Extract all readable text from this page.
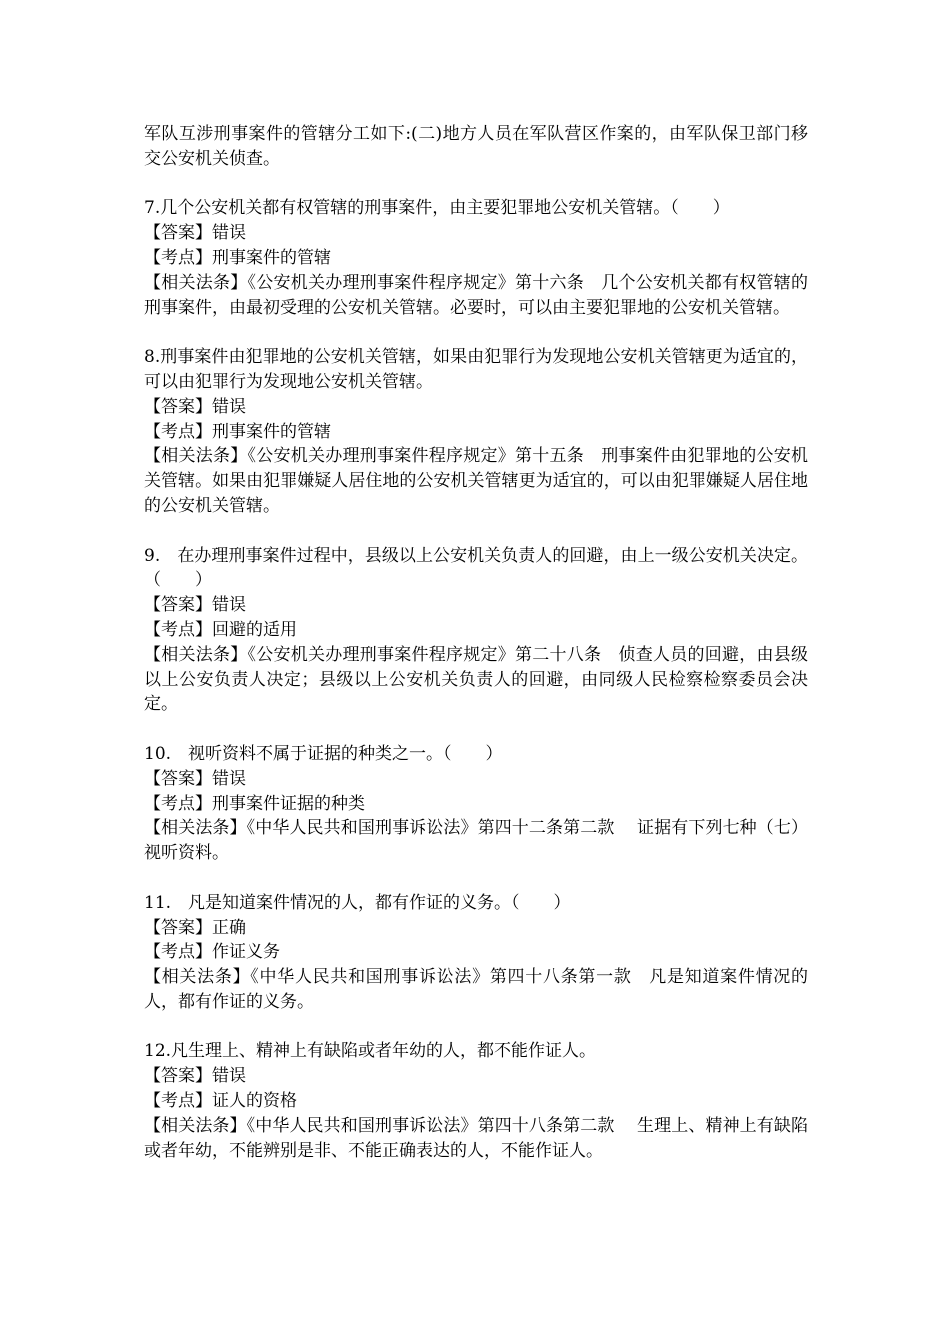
军队互涉刑事案件的管辖分工如下:(二)地方人员在军队营区作案的，由军队保卫部门移交公安机关侦查。

7.几个公安机关都有权管辖的刑事案件，由主要犯罪地公安机关管辖。（　　）

【答案】错误

【考点】刑事案件的管辖

【相关法条】《公安机关办理刑事案件程序规定》第十六条　几个公安机关都有权管辖的刑事案件，由最初受理的公安机关管辖。必要时，可以由主要犯罪地的公安机关管辖。

8.刑事案件由犯罪地的公安机关管辖，如果由犯罪行为发现地公安机关管辖更为适宜的，可以由犯罪行为发现地公安机关管辖。

【答案】错误

【考点】刑事案件的管辖

【相关法条】《公安机关办理刑事案件程序规定》第十五条　刑事案件由犯罪地的公安机关管辖。如果由犯罪嫌疑人居住地的公安机关管辖更为适宜的，可以由犯罪嫌疑人居住地的公安机关管辖。

9.　在办理刑事案件过程中，县级以上公安机关负责人的回避，由上一级公安机关决定。（　　）

【答案】错误

【考点】回避的适用

【相关法条】《公安机关办理刑事案件程序规定》第二十八条　侦查人员的回避，由县级以上公安负责人决定；县级以上公安机关负责人的回避，由同级人民检察检察委员会决定。

10.　视听资料不属于证据的种类之一。（　　）

【答案】错误

【考点】刑事案件证据的种类

【相关法条】《中华人民共和国刑事诉讼法》第四十二条第二款　 证据有下列七种（七）视听资料。

11.　凡是知道案件情况的人，都有作证的义务。（　　）

【答案】正确

【考点】作证义务

【相关法条】《中华人民共和国刑事诉讼法》第四十八条第一款　凡是知道案件情况的人，都有作证的义务。

12.凡生理上、精神上有缺陷或者年幼的人，都不能作证人。

【答案】错误

【考点】证人的资格

【相关法条】《中华人民共和国刑事诉讼法》第四十八条第二款　 生理上、精神上有缺陷或者年幼，不能辨别是非、不能正确表达的人，不能作证人。
